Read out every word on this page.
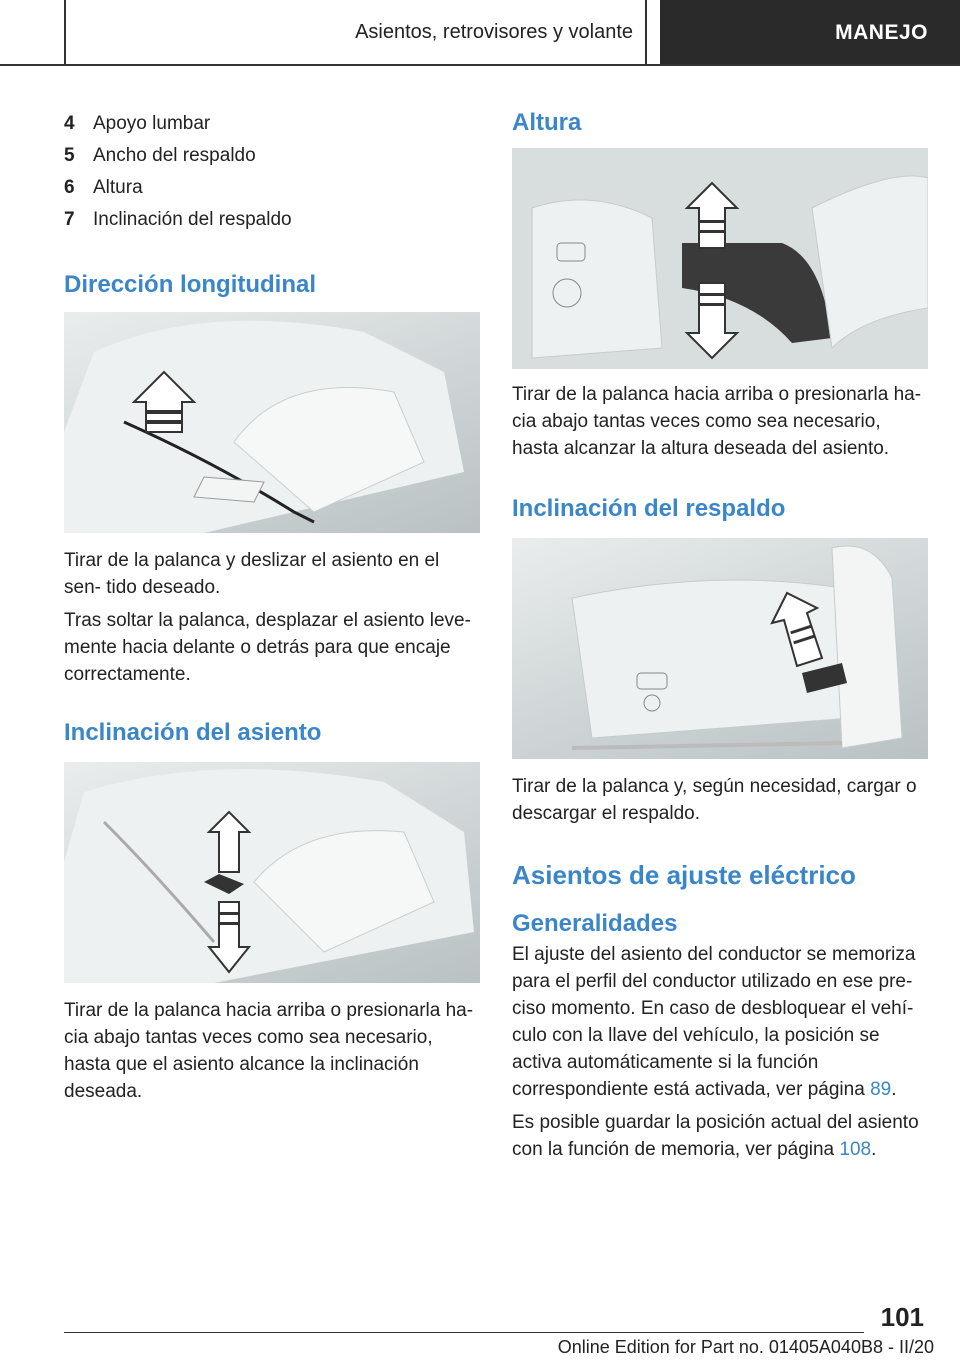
Asientos, retrovisores y volante	MANEJO
4 Apoyo lumbar
5 Ancho del respaldo
6 Altura
7 Inclinación del respaldo
Dirección longitudinal

Tirar de la palanca y deslizar el asiento en el sen‐ tido deseado.

Tras soltar la palanca, desplazar el asiento leve‐ mente hacia delante o detrás para que encaje correctamente.

Inclinación del asiento

Tirar de la palanca hacia arriba o presionarla ha‐ cia abajo tantas veces como sea necesario, hasta que el asiento alcance la inclinación deseada.

Altura

Tirar de la palanca hacia arriba o presionarla ha‐ cia abajo tantas veces como sea necesario, hasta alcanzar la altura deseada del asiento.

Inclinación del respaldo

Tirar de la palanca y, según necesidad, cargar o descargar el respaldo.

Asientos de ajuste eléctrico
Generalidades

El ajuste del asiento del conductor se memoriza para el perfil del conductor utilizado en ese pre‐ ciso momento. En caso de desbloquear el vehí‐ culo con la llave del vehículo, la posición se activa automáticamente si la función correspondiente está activada, ver página 89.

Es posible guardar la posición actual del asiento con la función de memoria, ver página 108.

101
Online Edition for Part no. 01405A040B8 - II/20
